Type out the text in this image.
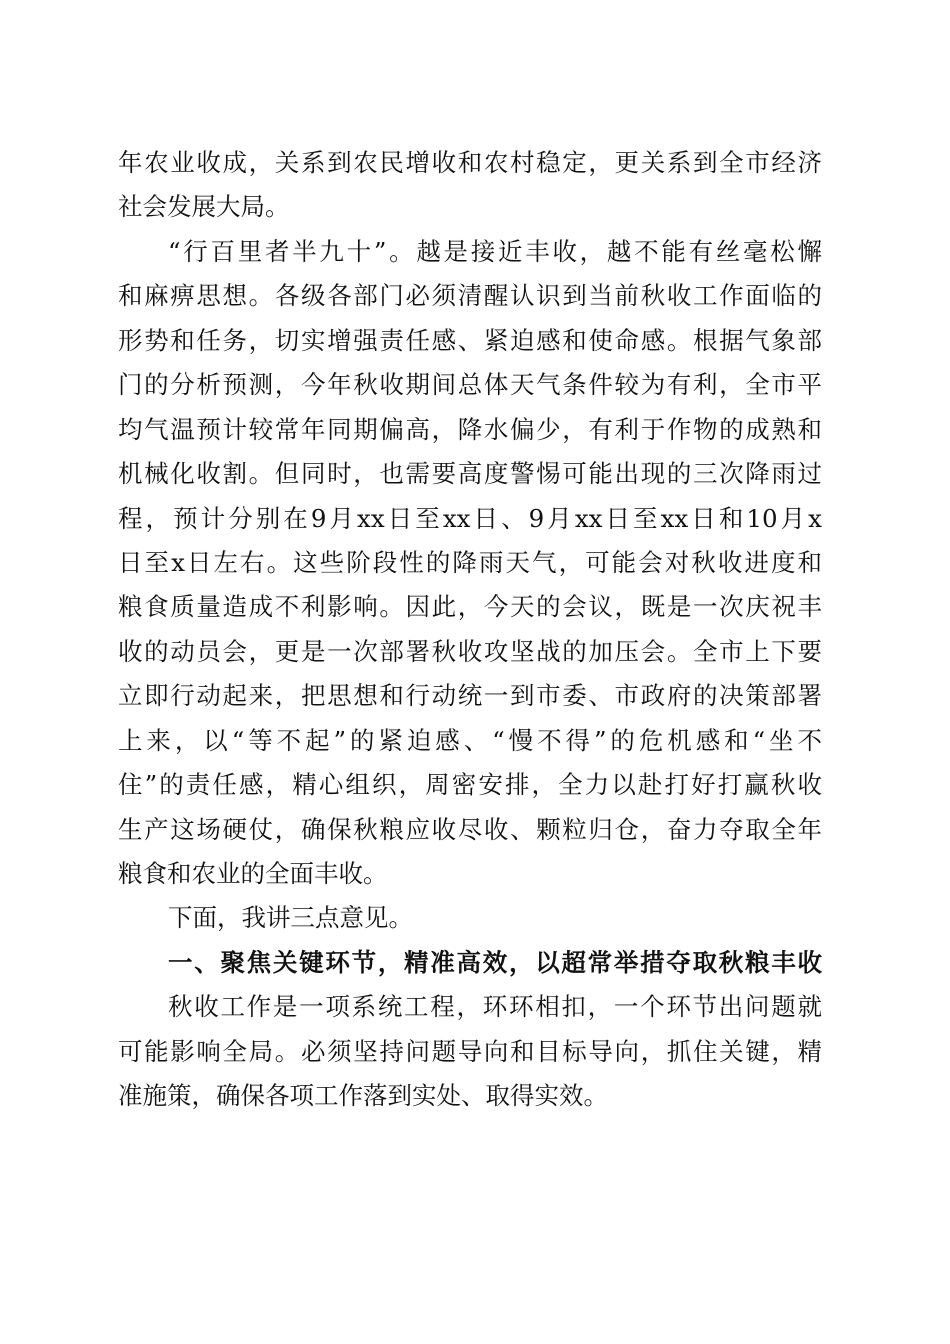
年农业收成，关系到农民增收和农村稳定，更关系到全市经济
社会发展大局。
“行百里者半九十”。越是接近丰收，越不能有丝毫松懈
和麻痹思想。各级各部门必须清醒认识到当前秋收工作面临的
形势和任务，切实增强责任感、紧迫感和使命感。根据气象部
门的分析预测，今年秋收期间总体天气条件较为有利，全市平
均气温预计较常年同期偏高，降水偏少，有利于作物的成熟和
机械化收割。但同时，也需要高度警惕可能出现的三次降雨过
程，预计分别在9月xx日至xx日、9月xx日至xx日和10月x
日至x日左右。这些阶段性的降雨天气，可能会对秋收进度和
粮食质量造成不利影响。因此，今天的会议，既是一次庆祝丰
收的动员会，更是一次部署秋收攻坚战的加压会。全市上下要
立即行动起来，把思想和行动统一到市委、市政府的决策部署
上来，以“等不起”的紧迫感、“慢不得”的危机感和“坐不
住”的责任感，精心组织，周密安排，全力以赴打好打赢秋收
生产这场硬仗，确保秋粮应收尽收、颗粒归仓，奋力夺取全年
粮食和农业的全面丰收。
下面，我讲三点意见。
一、聚焦关键环节，精准高效，以超常举措夺取秋粮丰收
秋收工作是一项系统工程，环环相扣，一个环节出问题就
可能影响全局。必须坚持问题导向和目标导向，抓住关键，精
准施策，确保各项工作落到实处、取得实效。
